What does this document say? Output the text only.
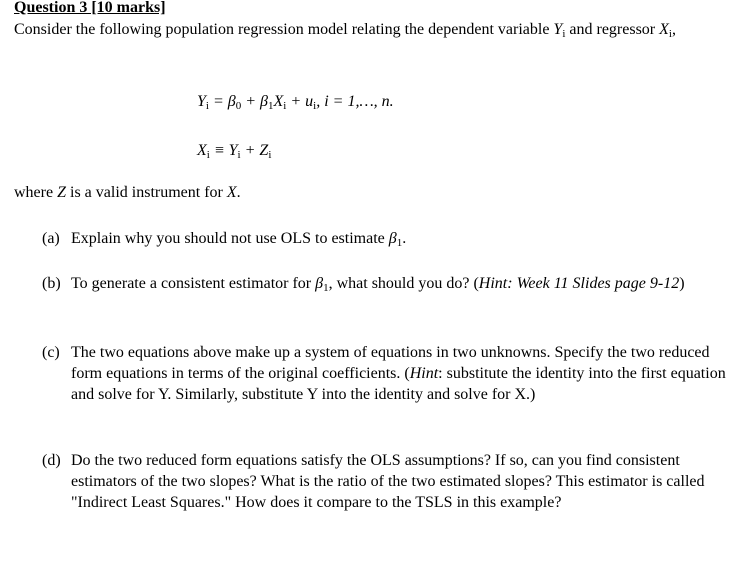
Question 3 [10 marks]
Consider the following population regression model relating the dependent variable $Y_i$ and regressor $X_i$,
$Y_i = \beta_0 + \beta_1X_i + u_i$, i = 1,…, n.
$X_i \equiv Y_i + Z_i$
where Z is a valid instrument for X.
(a) Explain why you should not use OLS to estimate $\beta_1$.
(b) To generate a consistent estimator for $\beta_1$, what should you do? (Hint: Week 11 Slides page 9-12)
(c) The two equations above make up a system of equations in two unknowns. Specify the two reduced form equations in terms of the original coefficients. (Hint: substitute the identity into the first equation and solve for Y. Similarly, substitute Y into the identity and solve for X.)
(d) Do the two reduced form equations satisfy the OLS assumptions? If so, can you find consistent estimators of the two slopes? What is the ratio of the two estimated slopes? This estimator is called "Indirect Least Squares." How does it compare to the TSLS in this example?
